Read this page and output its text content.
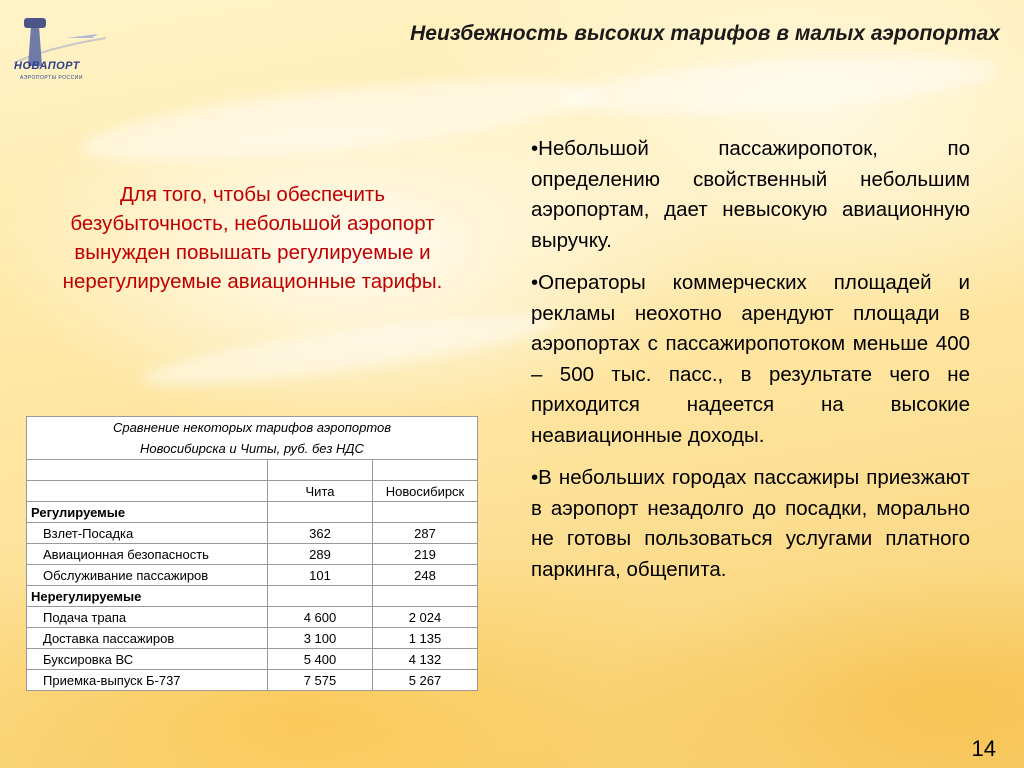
НОВАПОРТ
АЭРОПОРТЫ РОССИИ
Неизбежность высоких тарифов в малых аэропортах
Для того, чтобы обеспечить безубыточность, небольшой аэропорт вынужден повышать регулируемые и нерегулируемые авиационные тарифы.
Сравнение некоторых тарифов аэропортов
Новосибирска и Читы, руб. без НДС		

	Чита	Новосибирск
Регулируемые		
Взлет-Посадка	362	287
Авиационная безопасность	289	219
Обслуживание пассажиров	101	248
Нерегулируемые		
Подача трапа	4 600	2 024
Доставка пассажиров	3 100	1 135
Буксировка ВС	5 400	4 132
Приемка-выпуск Б-737	7 575	5 267

•Небольшой пассажиропоток, по определению свойственный небольшим аэропортам, дает невысокую авиационную выручку.

•Операторы коммерческих площадей и рекламы неохотно арендуют площади в аэропортах с пассажиропотоком меньше 400 – 500 тыс. пасс., в результате чего не приходится надеется на высокие неавиационные доходы.

•В небольших городах пассажиры приезжают в аэропорт незадолго до посадки, морально не готовы пользоваться услугами платного паркинга, общепита.

14
